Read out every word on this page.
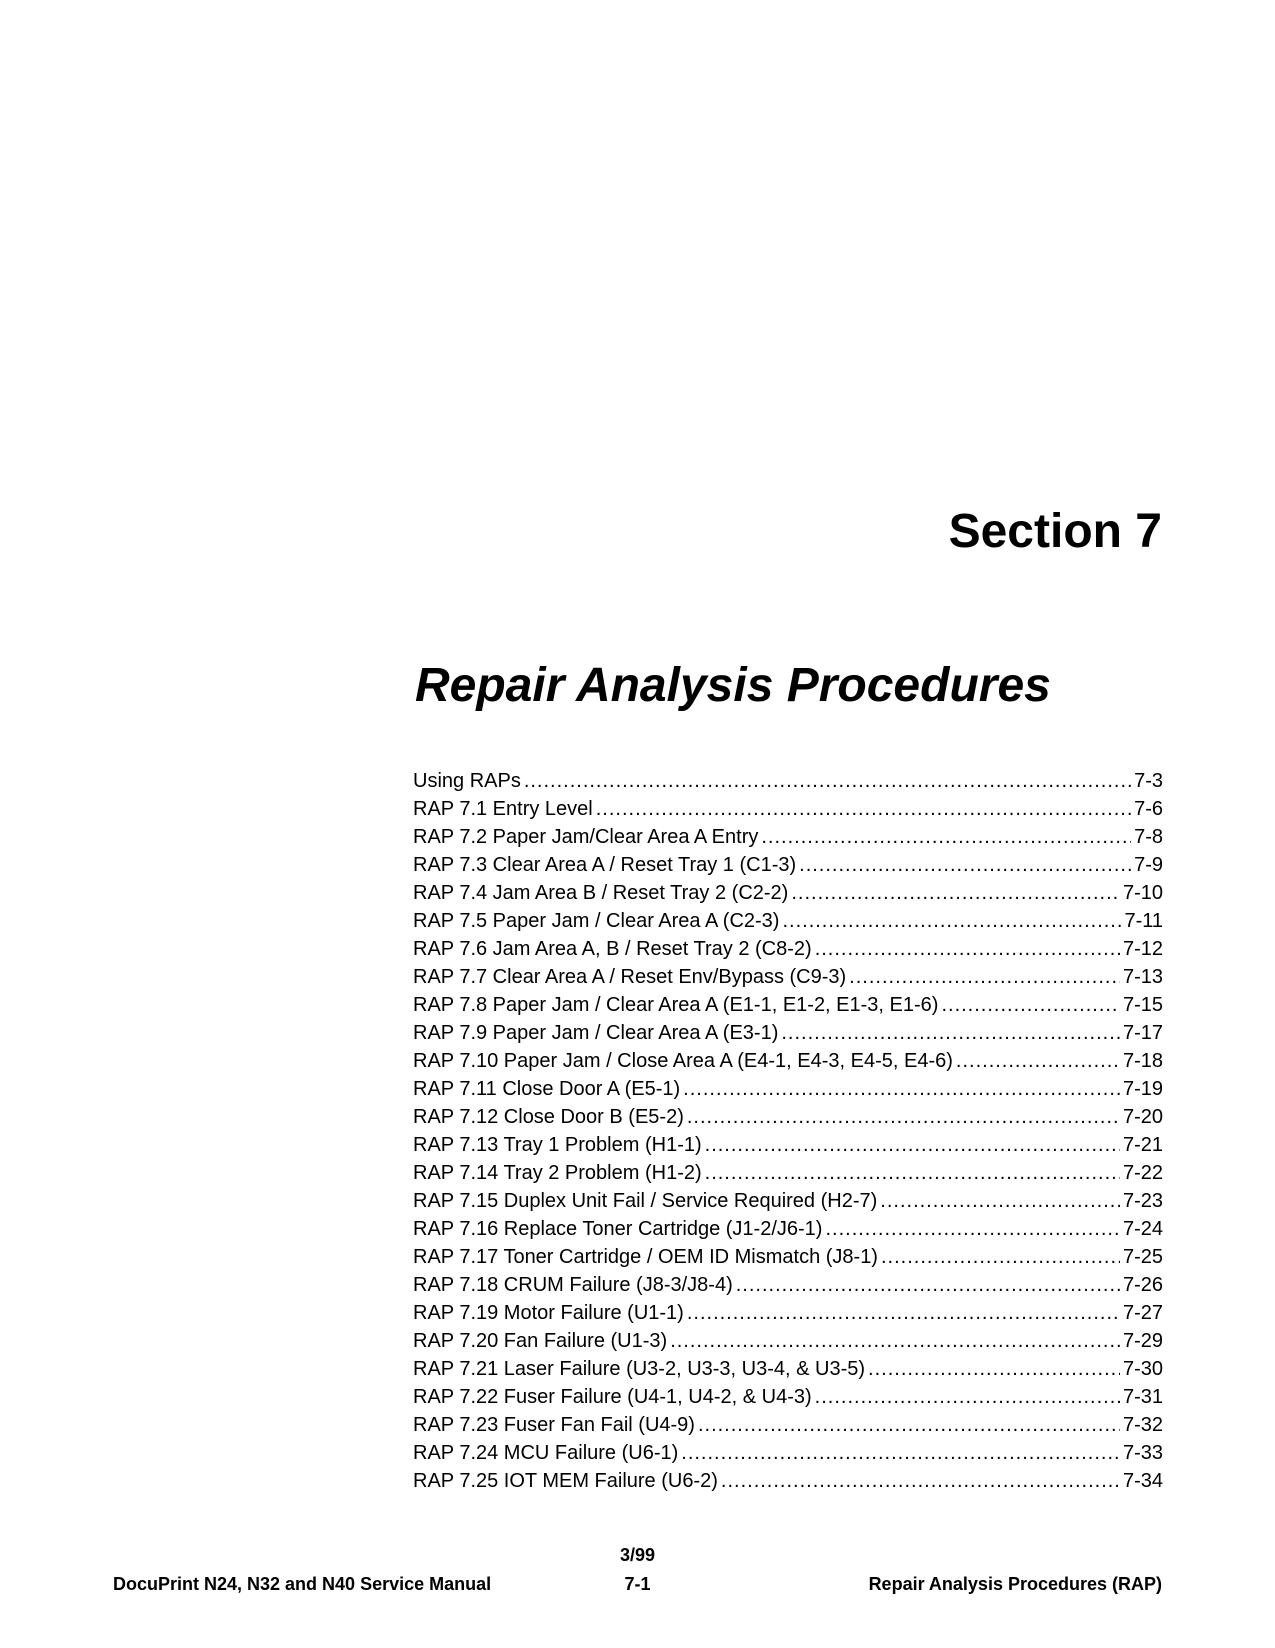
Section 7
Repair Analysis Procedures
Using RAPs .....	7-3
RAP 7.1 Entry Level .....	7-6
RAP 7.2 Paper Jam/Clear Area A Entry .....	7-8
RAP 7.3 Clear Area A / Reset Tray 1 (C1-3) .....	7-9
RAP 7.4 Jam Area B / Reset Tray 2 (C2-2) .....	7-10
RAP 7.5 Paper Jam / Clear Area A (C2-3) .....	7-11
RAP 7.6 Jam Area A, B / Reset Tray 2 (C8-2) .....	7-12
RAP 7.7 Clear Area A / Reset Env/Bypass (C9-3) .....	7-13
RAP 7.8 Paper Jam / Clear Area A (E1-1, E1-2, E1-3, E1-6) .....	7-15
RAP 7.9 Paper Jam / Clear Area A (E3-1) .....	7-17
RAP 7.10 Paper Jam / Close Area A (E4-1, E4-3, E4-5, E4-6) .....	7-18
RAP 7.11 Close Door A (E5-1) .....	7-19
RAP 7.12 Close Door B (E5-2) .....	7-20
RAP 7.13 Tray 1 Problem (H1-1) .....	7-21
RAP 7.14 Tray 2 Problem (H1-2) .....	7-22
RAP 7.15 Duplex Unit Fail / Service Required (H2-7) .....	7-23
RAP 7.16 Replace Toner Cartridge (J1-2/J6-1) .....	7-24
RAP 7.17 Toner Cartridge / OEM ID Mismatch (J8-1) .....	7-25
RAP 7.18 CRUM Failure (J8-3/J8-4) .....	7-26
RAP 7.19 Motor Failure (U1-1) .....	7-27
RAP 7.20 Fan Failure (U1-3) .....	7-29
RAP 7.21 Laser Failure (U3-2, U3-3, U3-4, & U3-5) .....	7-30
RAP 7.22 Fuser Failure (U4-1, U4-2, & U4-3) .....	7-31
RAP 7.23 Fuser Fan Fail (U4-9) .....	7-32
RAP 7.24 MCU Failure (U6-1) .....	7-33
RAP 7.25 IOT MEM Failure (U6-2) .....	7-34
3/99
DocuPrint N24, N32 and N40 Service Manual	7-1	Repair Analysis Procedures (RAP)
